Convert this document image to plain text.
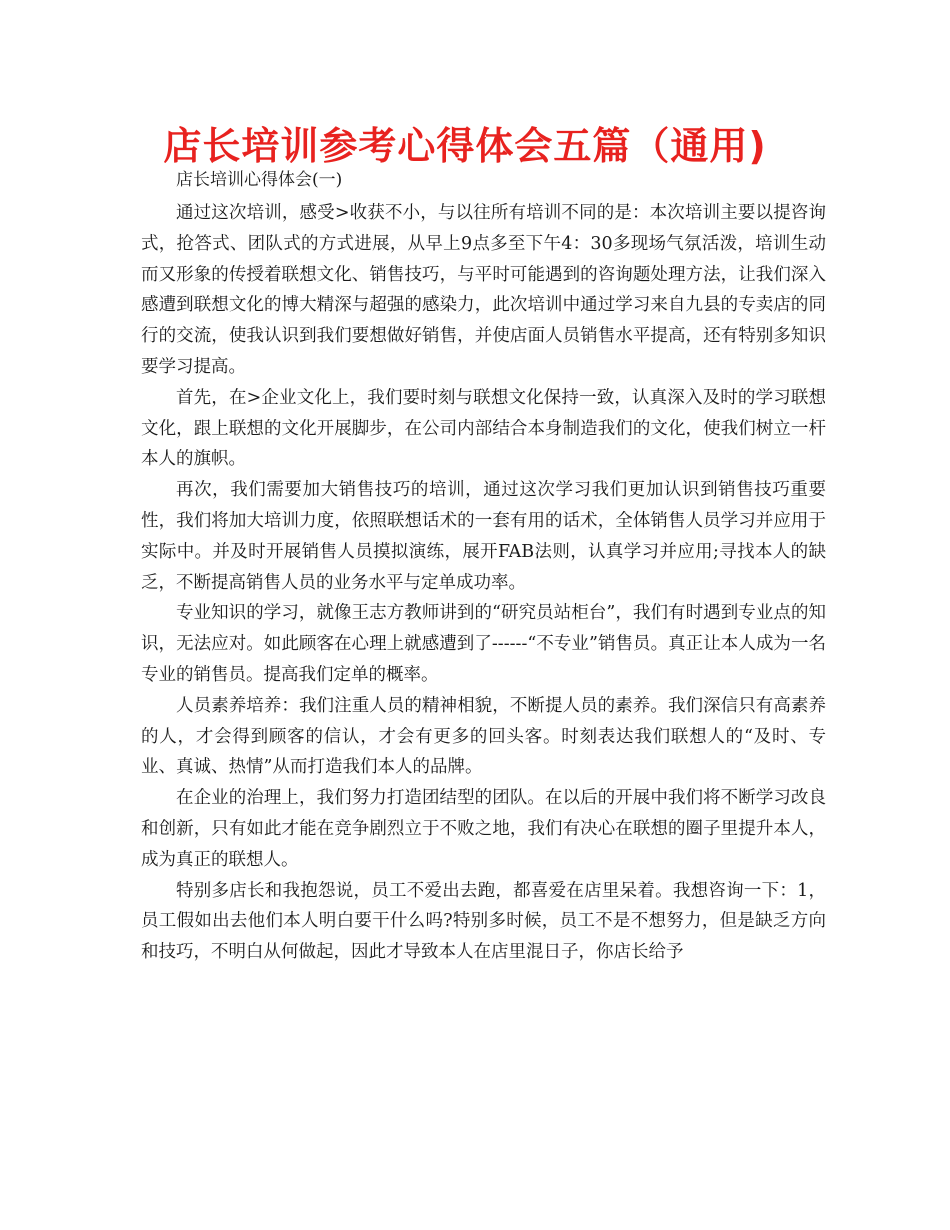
店长培训参考心得体会五篇（通用)
店长培训心得体会(一)

通过这次培训，感受>收获不小，与以往所有培训不同的是：本次培训主要以提咨询式，抢答式、团队式的方式进展，从早上9点多至下午4：30多现场气氛活泼，培训生动而又形象的传授着联想文化、销售技巧，与平时可能遇到的咨询题处理方法，让我们深入感遭到联想文化的博大精深与超强的感染力，此次培训中通过学习来自九县的专卖店的同行的交流，使我认识到我们要想做好销售，并使店面人员销售水平提高，还有特别多知识要学习提高。

首先，在>企业文化上，我们要时刻与联想文化保持一致，认真深入及时的学习联想文化，跟上联想的文化开展脚步，在公司内部结合本身制造我们的文化，使我们树立一杆本人的旗帜。

再次，我们需要加大销售技巧的培训，通过这次学习我们更加认识到销售技巧重要性，我们将加大培训力度，依照联想话术的一套有用的话术，全体销售人员学习并应用于实际中。并及时开展销售人员摸拟演练，展开FAB法则，认真学习并应用;寻找本人的缺乏，不断提高销售人员的业务水平与定单成功率。

专业知识的学习，就像王志方教师讲到的“研究员站柜台”，我们有时遇到专业点的知识，无法应对。如此顾客在心理上就感遭到了------“不专业”销售员。真正让本人成为一名专业的销售员。提高我们定单的概率。

人员素养培养：我们注重人员的精神相貌，不断提人员的素养。我们深信只有高素养的人，才会得到顾客的信认，才会有更多的回头客。时刻表达我们联想人的“及时、专业、真诚、热情”从而打造我们本人的品牌。

在企业的治理上，我们努力打造团结型的团队。在以后的开展中我们将不断学习改良和创新，只有如此才能在竞争剧烈立于不败之地，我们有决心在联想的圈子里提升本人，成为真正的联想人。

特别多店长和我抱怨说，员工不爱出去跑，都喜爱在店里呆着。我想咨询一下：1，员工假如出去他们本人明白要干什么吗?特别多时候，员工不是不想努力，但是缺乏方向和技巧，不明白从何做起，因此才导致本人在店里混日子，你店长给予
